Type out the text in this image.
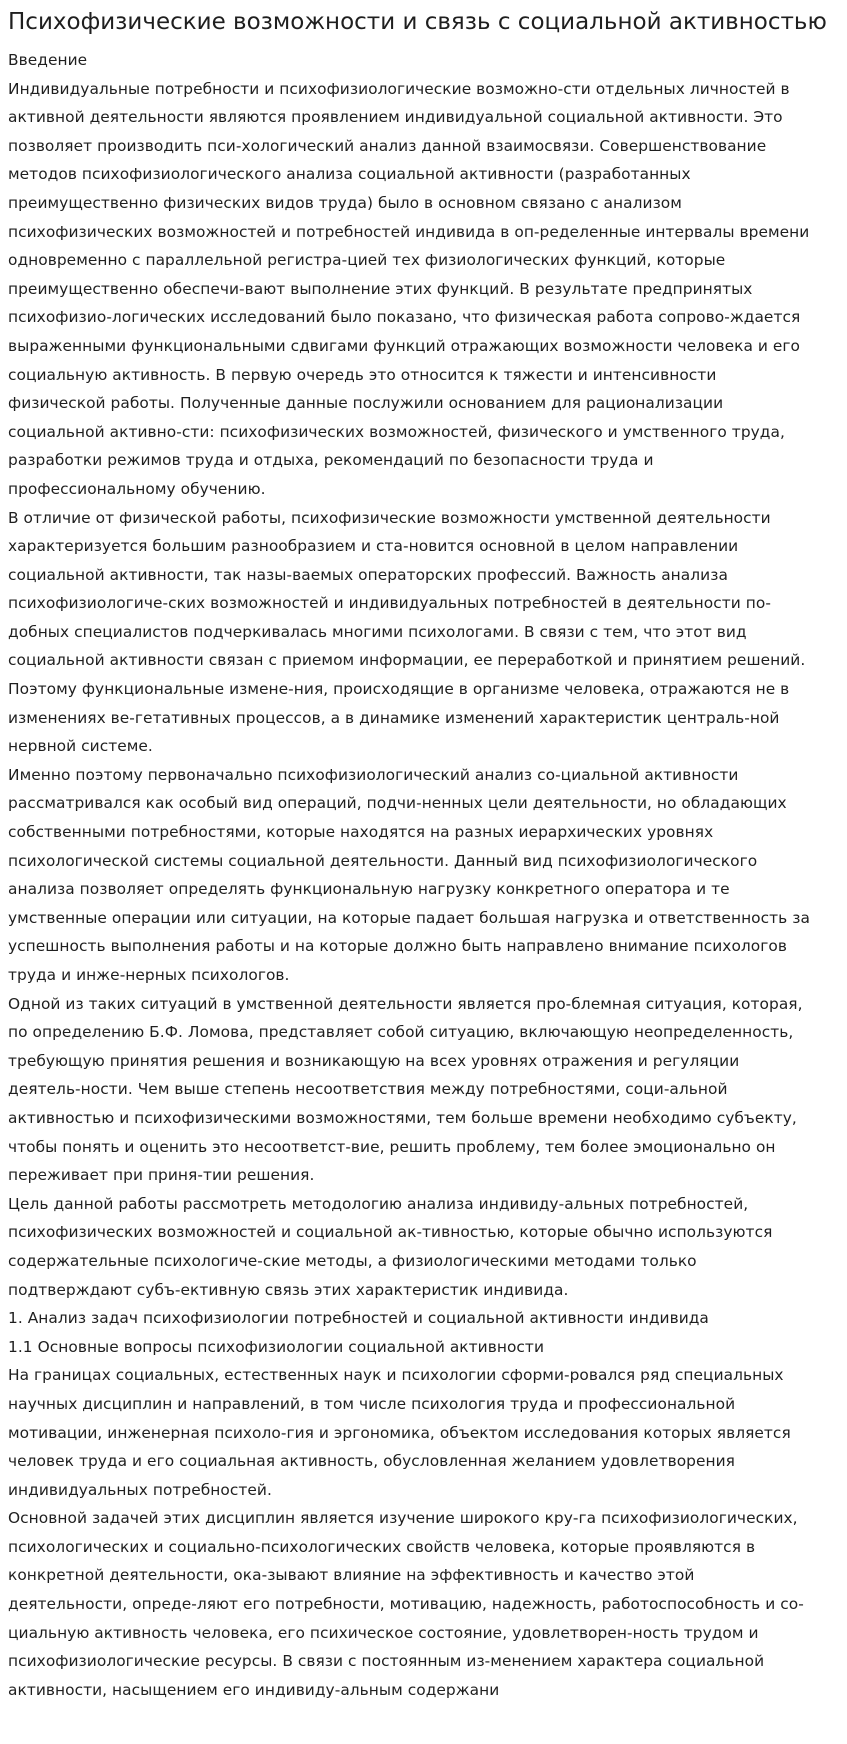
Психофизические возможности и связь с социальной активностью

Введение

Индивидуальные потребности и психофизиологические возможно-сти отдельных личностей в

активной деятельности являются проявлением индивидуальной социальной активности. Это

позволяет производить пси-хологический анализ данной взаимосвязи. Совершенствование

методов психофизиологического анализа социальной активности (разработанных

преимущественно физических видов труда) было в основном связано с анализом

психофизических возможностей и потребностей индивида в оп-ределенные интервалы времени

одновременно с параллельной регистра-цией тех физиологических функций, которые

преимущественно обеспечи-вают выполнение этих функций. В результате предпринятых

психофизио-логических исследований было показано, что физическая работа сопрово-ждается

выраженными функциональными сдвигами функций отражающих возможности человека и его

социальную активность. В первую очередь это относится к тяжести и интенсивности

физической работы. Полученные данные послужили основанием для рационализации

социальной активно-сти: психофизических возможностей, физического и умственного труда,

разработки режимов труда и отдыха, рекомендаций по безопасности труда и

профессиональному обучению.

В отличие от физической работы, психофизические возможности умственной деятельности

характеризуется большим разнообразием и ста-новится основной в целом направлении

социальной активности, так назы-ваемых операторских профессий. Важность анализа

психофизиологиче-ских возможностей и индивидуальных потребностей в деятельности по-

добных специалистов подчеркивалась многими психологами. В связи с тем, что этот вид

социальной активности связан с приемом информации, ее переработкой и принятием решений.

Поэтому функциональные измене-ния, происходящие в организме человека, отражаются не в

изменениях ве-гетативных процессов, а в динамике изменений характеристик централь-ной

нервной системе.

Именно поэтому первоначально психофизиологический анализ со-циальной активности

рассматривался как особый вид операций, подчи-ненных цели деятельности, но обладающих

собственными потребностями, которые находятся на разных иерархических уровнях

психологической системы социальной деятельности. Данный вид психофизиологического

анализа позволяет определять функциональную нагрузку конкретного оператора и те

умственные операции или ситуации, на которые падает большая нагрузка и ответственность за

успешность выполнения работы и на которые должно быть направлено внимание психологов

труда и инже-нерных психологов.

Одной из таких ситуаций в умственной деятельности является про-блемная ситуация, которая,

по определению Б.Ф. Ломова, представляет собой ситуацию, включающую неопределенность,

требующую принятия решения и возникающую на всех уровнях отражения и регуляции

деятель-ности. Чем выше степень несоответствия между потребностями, соци-альной

активностью и психофизическими возможностями, тем больше времени необходимо субъекту,

чтобы понять и оценить это несоответст-вие, решить проблему, тем более эмоционально он

переживает при приня-тии решения.

Цель данной работы рассмотреть методологию анализа индивиду-альных потребностей,

психофизических возможностей и социальной ак-тивностью, которые обычно используются

содержательные психологиче-ские методы, а физиологическими методами только

подтверждают субъ-ективную связь этих характеристик индивида.

1. Анализ задач психофизиологии потребностей и социальной активности индивида

1.1 Основные вопросы психофизиологии социальной активности

На границах социальных, естественных наук и психологии сформи-ровался ряд специальных

научных дисциплин и направлений, в том числе психология труда и профессиональной

мотивации, инженерная психоло-гия и эргономика, объектом исследования которых является

человек труда и его социальная активность, обусловленная желанием удовлетворения

индивидуальных потребностей.

Основной задачей этих дисциплин является изучение широкого кру-га психофизиологических,

психологических и социально-психологических свойств человека, которые проявляются в

конкретной деятельности, ока-зывают влияние на эффективность и качество этой

деятельности, опреде-ляют его потребности, мотивацию, надежность, работоспособность и со-

циальную активность человека, его психическое состояние, удовлетворен-ность трудом и

психофизиологические ресурсы. В связи с постоянным из-менением характера социальной

активности, насыщением его индивиду-альным содержани
